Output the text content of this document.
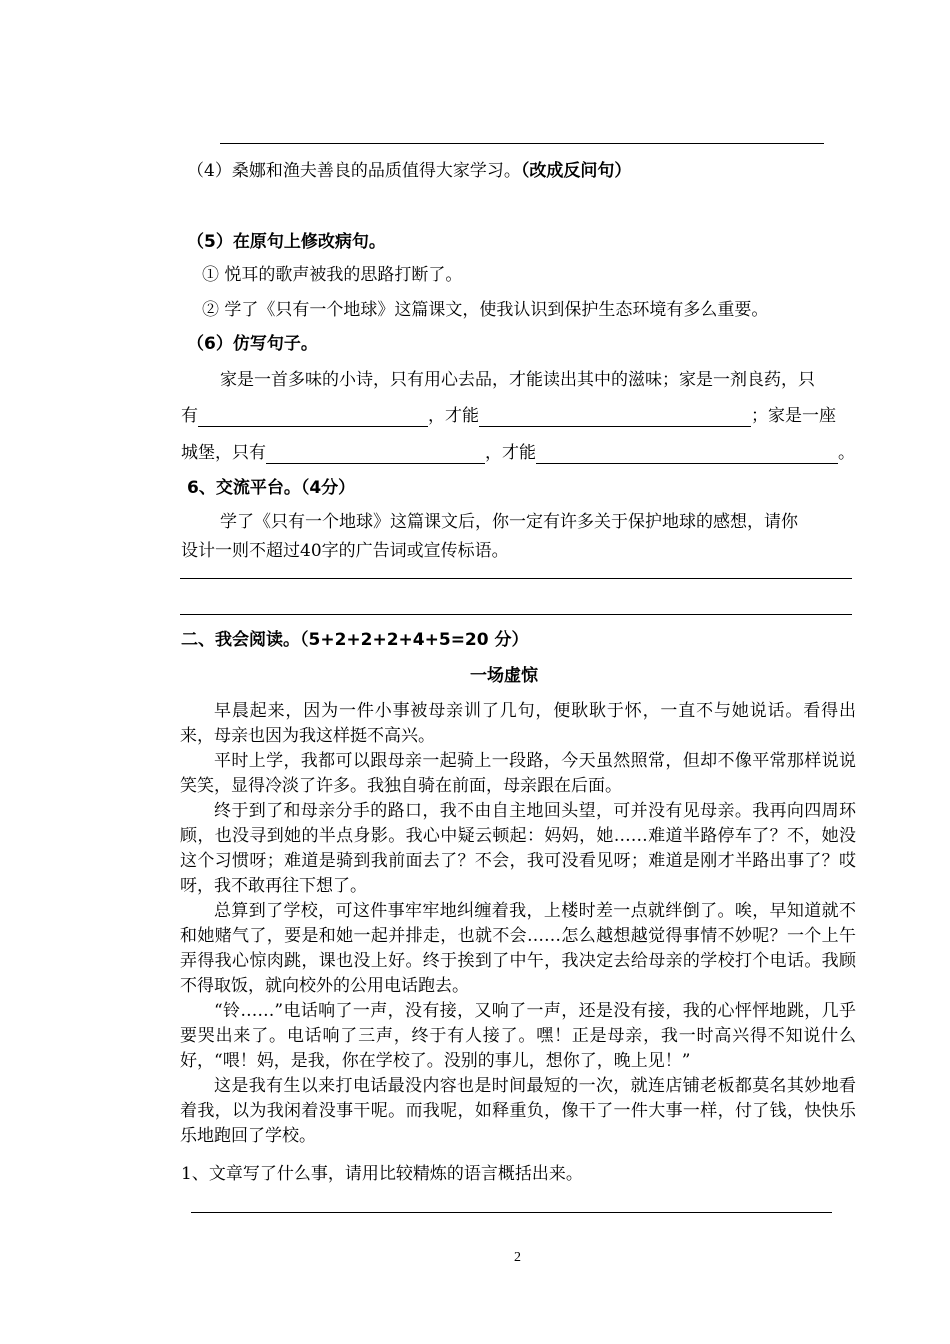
（4）桑娜和渔夫善良的品质值得大家学习。（改成反问句）
（5）在原句上修改病句。
① 悦耳的歌声被我的思路打断了。
② 学了《只有一个地球》这篇课文，使我认识到保护生态环境有多么重要。
（6）仿写句子。
家是一首多味的小诗，只有用心去品，才能读出其中的滋味；家是一剂良药，只
有	，才能	；家是一座
城堡，只有	，才能	。
6、交流平台。（4分）
学了《只有一个地球》这篇课文后，你一定有许多关于保护地球的感想，请你
设计一则不超过40字的广告词或宣传标语。
二、我会阅读。（5+2+2+2+4+5=20 分）
一场虚惊

早晨起来，因为一件小事被母亲训了几句，便耿耿于怀，一直不与她说话。看得出来，母亲也因为我这样挺不高兴。

平时上学，我都可以跟母亲一起骑上一段路，今天虽然照常，但却不像平常那样说说笑笑，显得冷淡了许多。我独自骑在前面，母亲跟在后面。

终于到了和母亲分手的路口，我不由自主地回头望，可并没有见母亲。我再向四周环顾，也没寻到她的半点身影。我心中疑云顿起：妈妈，她……难道半路停车了？不，她没这个习惯呀；难道是骑到我前面去了？不会，我可没看见呀；难道是刚才半路出事了？哎呀，我不敢再往下想了。

总算到了学校，可这件事牢牢地纠缠着我，上楼时差一点就绊倒了。唉，早知道就不和她赌气了，要是和她一起并排走，也就不会……怎么越想越觉得事情不妙呢？一个上午弄得我心惊肉跳，课也没上好。终于挨到了中午，我决定去给母亲的学校打个电话。我顾不得取饭，就向校外的公用电话跑去。

“铃……”电话响了一声，没有接，又响了一声，还是没有接，我的心怦怦地跳，几乎要哭出来了。电话响了三声，终于有人接了。嘿！正是母亲，我一时高兴得不知说什么好，“喂！妈，是我，你在学校了。没别的事儿，想你了，晚上见！”

这是我有生以来打电话最没内容也是时间最短的一次，就连店铺老板都莫名其妙地看着我，以为我闲着没事干呢。而我呢，如释重负，像干了一件大事一样，付了钱，快快乐乐地跑回了学校。

1、文章写了什么事，请用比较精炼的语言概括出来。
2
